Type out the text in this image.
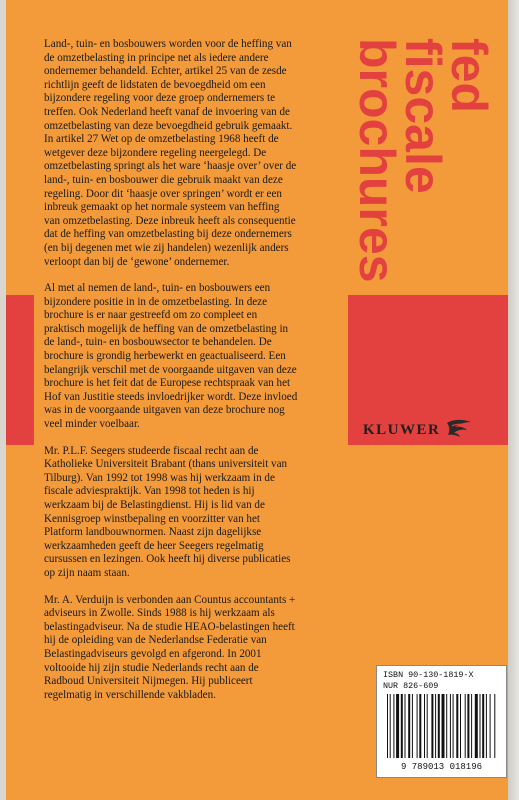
Land-, tuin- en bosbouwers worden voor de heffing van de omzetbelasting in principe net als iedere andere ondernemer behandeld. Echter, artikel 25 van de zesde richtlijn geeft de lidstaten de bevoegdheid om een bijzondere regeling voor deze groep ondernemers te treffen. Ook Nederland heeft vanaf de invoering van de omzetbelasting van deze bevoegdheid gebruik gemaakt. In artikel 27 Wet op de omzetbelasting 1968 heeft de wetgever deze bijzondere regeling neergelegd. De omzetbelasting springt als het ware ‘haasje over’ over de land-, tuin- en bosbouwer die gebruik maakt van deze regeling. Door dit ‘haasje over springen’ wordt er een inbreuk gemaakt op het normale systeem van heffing van omzetbelasting. Deze inbreuk heeft als consequentie dat de heffing van omzetbelasting bij deze ondernemers (en bij degenen met wie zij handelen) wezenlijk anders verloopt dan bij de ‘gewone’ ondernemer.

Al met al nemen de land-, tuin- en bosbouwers een bijzondere positie in in de omzetbelasting. In deze brochure is er naar gestreefd om zo compleet en praktisch mogelijk de heffing van de omzetbelasting in de land-, tuin- en bosbouwsector te behandelen. De brochure is grondig herbewerkt en geactualiseerd. Een belangrijk verschil met de voorgaande uitgaven van deze brochure is het feit dat de Europese rechtspraak van het Hof van Justitie steeds invloedrijker wordt. Deze invloed was in de voorgaande uitgaven van deze brochure nog veel minder voelbaar.

Mr. P.L.F. Seegers studeerde fiscaal recht aan de Katholieke Universiteit Brabant (thans universiteit van Tilburg). Van 1992 tot 1998 was hij werkzaam in de fiscale adviespraktijk. Van 1998 tot heden is hij werkzaam bij de Belastingdienst. Hij is lid van de Kennisgroep winstbepaling en voorzitter van het Platform landbouwnormen. Naast zijn dagelijkse werkzaamheden geeft de heer Seegers regelmatig cursussen en lezingen. Ook heeft hij diverse publicaties op zijn naam staan.

Mr. A. Verduijn is verbonden aan Countus accountants + adviseurs in Zwolle. Sinds 1988 is hij werkzaam als belastingadviseur. Na de studie HEAO-belastingen heeft hij de opleiding van de Nederlandse Federatie van Belastingadviseurs gevolgd en afgerond. In 2001 voltooide hij zijn studie Nederlands recht aan de Radboud Universiteit Nijmegen. Hij publiceert regelmatig in verschillende vakbladen.

fed
fiscale
brochures
KLUWER
ISBN 90-130-1819-X
NUR 826-609
9 789013 018196
